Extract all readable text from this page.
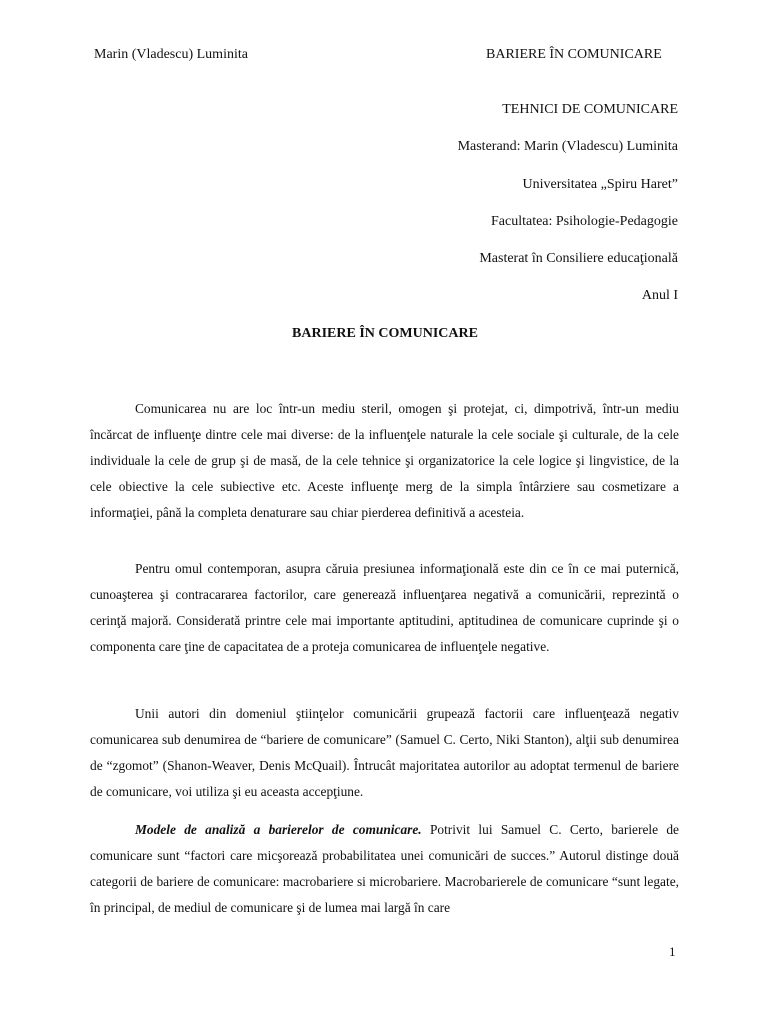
Marin (Vladescu) Luminita	BARIERE ÎN COMUNICARE
TEHNICI DE COMUNICARE
Masterand: Marin (Vladescu) Luminita
Universitatea „Spiru Haret”
Facultatea: Psihologie-Pedagogie
Masterat în Consiliere educaţională
Anul I
BARIERE ÎN COMUNICARE

Comunicarea nu are loc într-un mediu steril, omogen şi protejat, ci, dimpotrivă, într-un mediu încărcat de influenţe dintre cele mai diverse: de la influenţele naturale la cele sociale şi culturale, de la cele individuale la cele de grup şi de masă, de la cele tehnice şi organizatorice la cele logice şi lingvistice, de la cele obiective la cele subiective etc. Aceste influenţe merg de la simpla întârziere sau cosmetizare a informaţiei, până la completa denaturare sau chiar pierderea definitivă a acesteia.

Pentru omul contemporan, asupra căruia presiunea informaţională este din ce în ce mai puternică, cunoaşterea şi contracararea factorilor, care generează influenţarea negativă a comunicării, reprezintă o cerinţă majoră. Considerată printre cele mai importante aptitudini, aptitudinea de comunicare cuprinde şi o componenta care ţine de capacitatea de a proteja comunicarea de influenţele negative.

Unii autori din domeniul ştiinţelor comunicării grupează factorii care influenţează negativ comunicarea sub denumirea de “bariere de comunicare” (Samuel C. Certo, Niki Stanton), alţii sub denumirea de “zgomot” (Shanon-Weaver, Denis McQuail). Întrucât majoritatea autorilor au adoptat termenul de bariere de comunicare, voi utiliza şi eu aceasta accepţiune.

Modele de analiză a barierelor de comunicare. Potrivit lui Samuel C. Certo, barierele de comunicare sunt “factori care micşorează probabilitatea unei comunicări de succes.” Autorul distinge două categorii de bariere de comunicare: macrobariere si microbariere. Macrobarierele de comunicare “sunt legate, în principal, de mediul de comunicare şi de lumea mai largă în care

1
